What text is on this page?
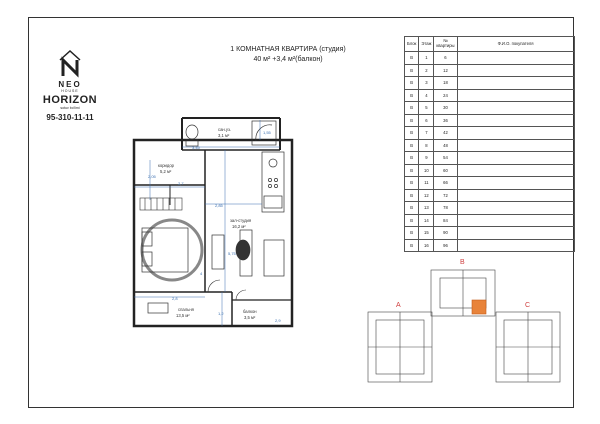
NEO
HOUSE
HORIZON
sotuv bo'limi
95-310-11-11
1 КОМНАТНАЯ КВАРТИРА (студия)
40 м² +3,4 м²(балкон)
Блок	Этаж	№ квартиры	Ф.И.О. покупателя
B	1	6	
B	2	12	
B	3	18	
B	4	24	
B	5	30	
B	6	36	
B	7	42	
B	8	48	
B	9	54	
B	10	60	
B	11	66	
B	12	72	
B	13	78	
B	14	84	
B	15	90	
B	16	96	
1,55
3,45
2,05
2,7
2,85
5,75
2,8
1,2
2,9
4
сан.уз.
3,1 м²
коридор
5,2 м²
зал-студия
16,2 м²
спальня
13,5 м²
балкон
3,5 м²
A
B
C
